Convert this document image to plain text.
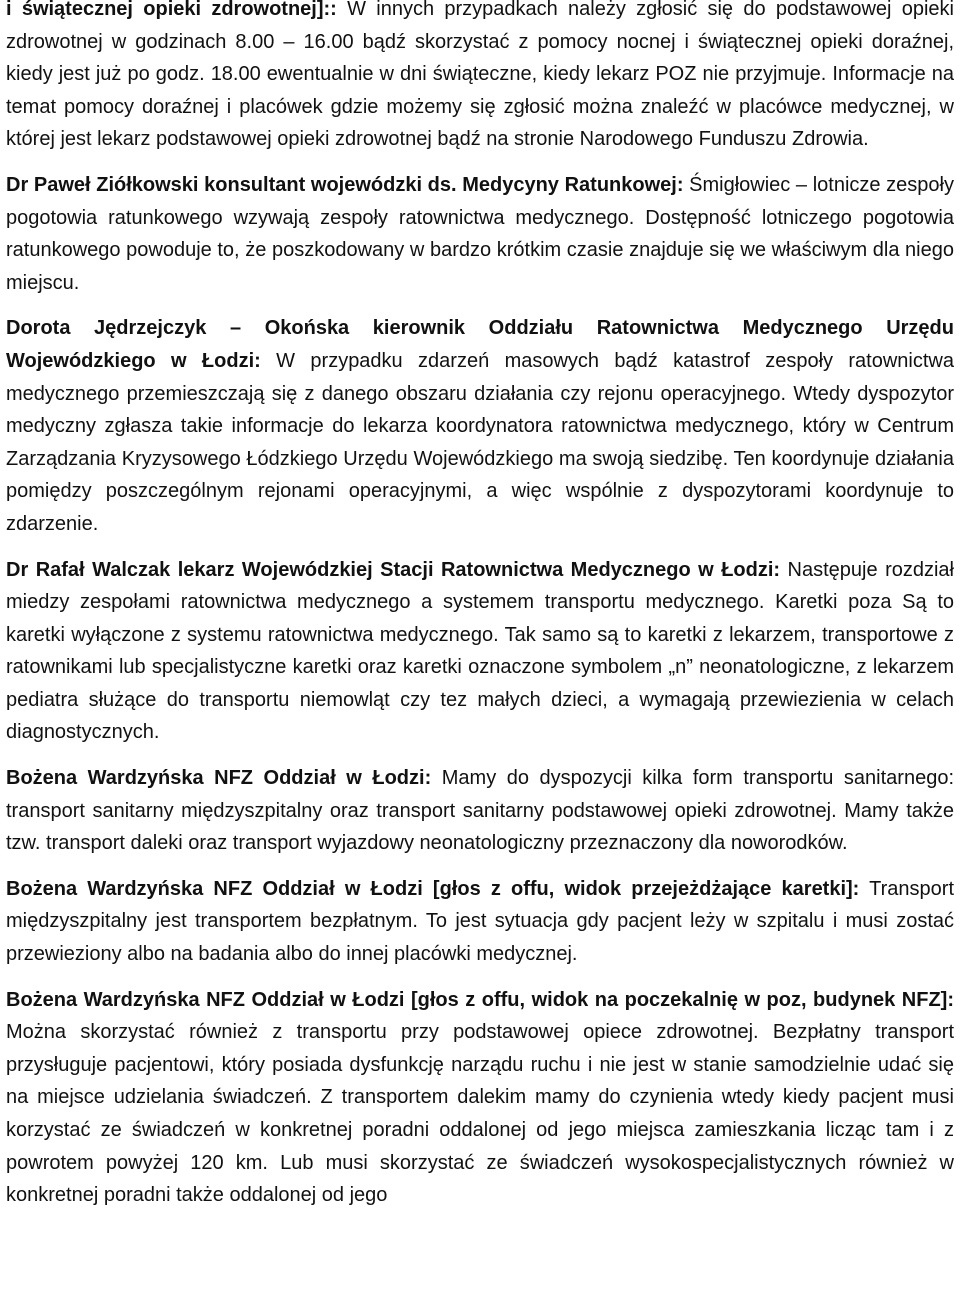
i świątecznej opieki zdrowotnej]:: W innych przypadkach należy zgłosić się do podstawowej opieki zdrowotnej w godzinach 8.00 – 16.00 bądź skorzystać z pomocy nocnej i świątecznej opieki doraźnej, kiedy jest już po godz. 18.00 ewentualnie w dni świąteczne, kiedy lekarz POZ nie przyjmuje. Informacje na temat pomocy doraźnej i placówek gdzie możemy się zgłosić można znaleźć w placówce medycznej, w której jest lekarz podstawowej opieki zdrowotnej bądź na stronie Narodowego Funduszu Zdrowia.

Dr Paweł Ziółkowski konsultant wojewódzki ds. Medycyny Ratunkowej: Śmigłowiec – lotnicze zespoły pogotowia ratunkowego wzywają zespoły ratownictwa medycznego. Dostępność lotniczego pogotowia ratunkowego powoduje to, że poszkodowany w bardzo krótkim czasie znajduje się we właściwym dla niego miejscu.

Dorota Jędrzejczyk – Okońska kierownik Oddziału Ratownictwa Medycznego Urzędu Wojewódzkiego w Łodzi: W przypadku zdarzeń masowych bądź katastrof zespoły ratownictwa medycznego przemieszczają się z danego obszaru działania czy rejonu operacyjnego. Wtedy dyspozytor medyczny zgłasza takie informacje do lekarza koordynatora ratownictwa medycznego, który w Centrum Zarządzania Kryzysowego Łódzkiego Urzędu Wojewódzkiego ma swoją siedzibę. Ten koordynuje działania pomiędzy poszczególnym rejonami operacyjnymi, a więc wspólnie z dyspozytorami koordynuje to zdarzenie.

Dr Rafał Walczak lekarz Wojewódzkiej Stacji Ratownictwa Medycznego w Łodzi: Następuje rozdział miedzy zespołami ratownictwa medycznego a systemem transportu medycznego. Karetki poza Są to karetki wyłączone z systemu ratownictwa medycznego. Tak samo są to karetki z lekarzem, transportowe z ratownikami lub specjalistyczne karetki oraz karetki oznaczone symbolem „n” neonatologiczne, z lekarzem pediatra służące do transportu niemowląt czy tez małych dzieci, a wymagają przewiezienia w celach diagnostycznych.

Bożena Wardzyńska NFZ Oddział w Łodzi: Mamy do dyspozycji kilka form transportu sanitarnego: transport sanitarny międzyszpitalny oraz transport sanitarny podstawowej opieki zdrowotnej. Mamy także tzw. transport daleki oraz transport wyjazdowy neonatologiczny przeznaczony dla noworodków.

Bożena Wardzyńska NFZ Oddział w Łodzi [głos z offu, widok przejeżdżające karetki]: Transport międzyszpitalny jest transportem bezpłatnym. To jest sytuacja gdy pacjent leży w szpitalu i musi zostać przewieziony albo na badania albo do innej placówki medycznej.

Bożena Wardzyńska NFZ Oddział w Łodzi [głos z offu, widok na poczekalnię w poz, budynek NFZ]: Można skorzystać również z transportu przy podstawowej opiece zdrowotnej. Bezpłatny transport przysługuje pacjentowi, który posiada dysfunkcję narządu ruchu i nie jest w stanie samodzielnie udać się na miejsce udzielania świadczeń. Z transportem dalekim mamy do czynienia wtedy kiedy pacjent musi korzystać ze świadczeń w konkretnej poradni oddalonej od jego miejsca zamieszkania licząc tam i z powrotem powyżej 120 km. Lub musi skorzystać ze świadczeń wysokospecjalistycznych również w konkretnej poradni także oddalonej od jego
